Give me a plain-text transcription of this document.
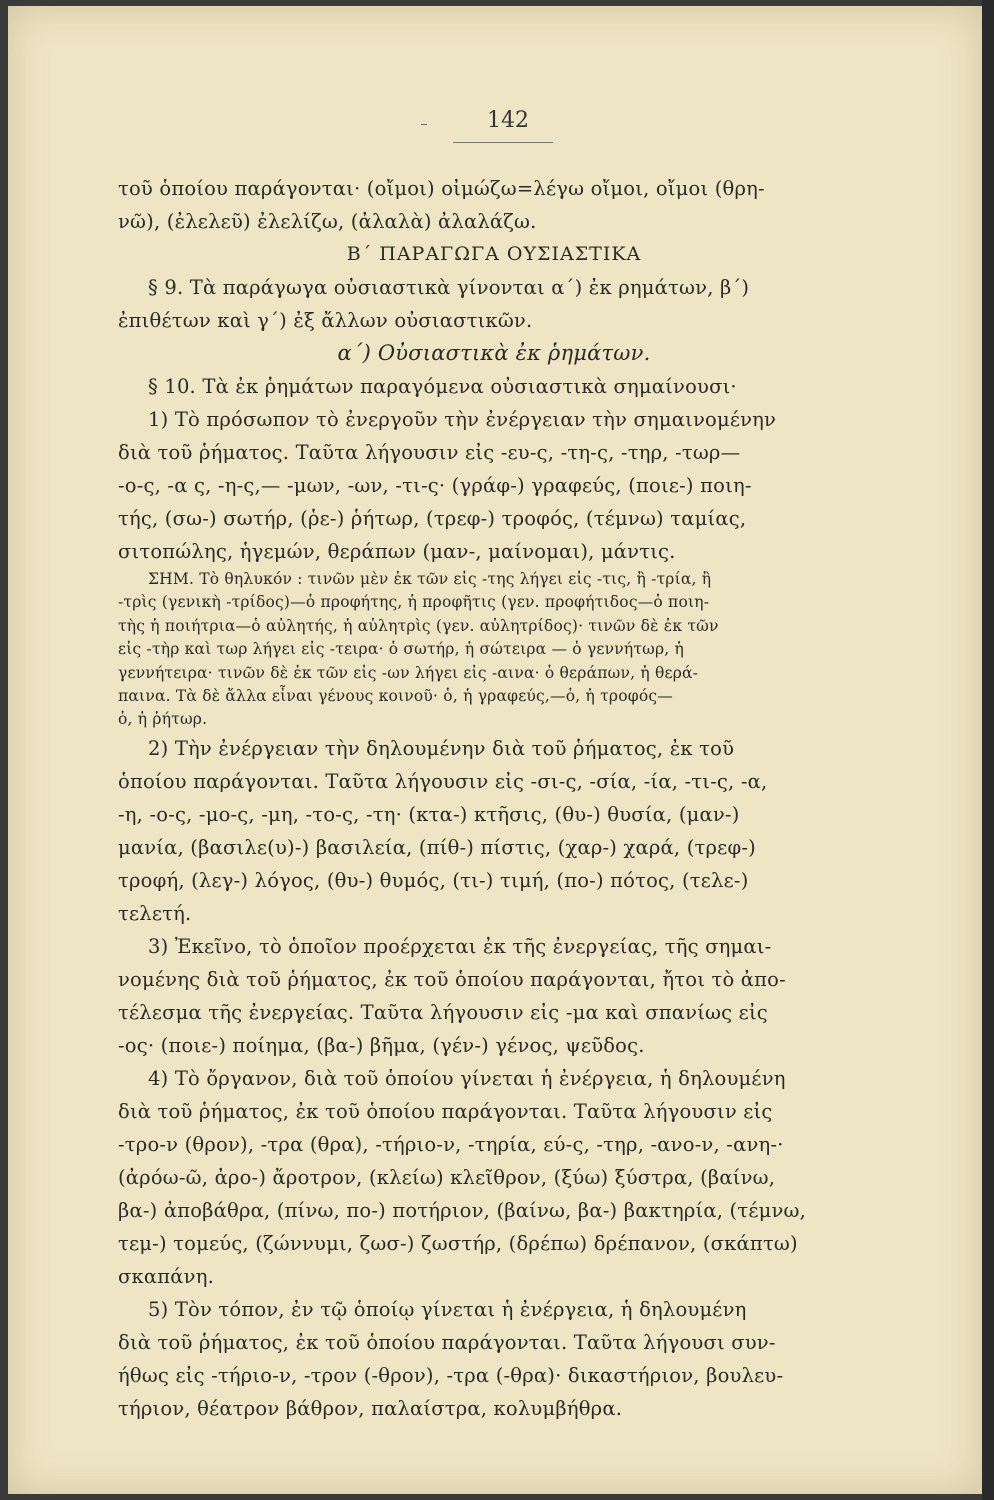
142
τοῦ ὁποίου παράγονται· (οἴμοι) οἰμώζω=λέγω οἴμοι, οἴμοι (θρη-
νῶ), (ἐλελεῦ) ἐλελίζω, (ἀλαλὰ) ἀλαλάζω.
Β΄ ΠΑΡΑΓΩΓΑ ΟΥΣΙΑΣΤΙΚΑ
§ 9. Τὰ παράγωγα οὐσιαστικὰ γίνονται α΄) ἐκ ρημάτων, β΄)
ἐπιθέτων καὶ γ΄) ἐξ ἄλλων οὐσιαστικῶν.
α΄) Οὐσιαστικὰ ἐκ ῥημάτων.
§ 10. Τὰ ἐκ ῥημάτων παραγόμενα οὐσιαστικὰ σημαίνουσι·
1) Τὸ πρόσωπον τὸ ἐνεργοῦν τὴν ἐνέργειαν τὴν σημαινομένην
διὰ τοῦ ῥήματος. Ταῦτα λήγουσιν εἰς -ευ-ς, -τη-ς, -τηρ, -τωρ—
-ο-ς, -α ς, -η-ς,— -μων, -ων, -τι-ς· (γράφ-) γραφεύς, (ποιε-) ποιη-
τής, (σω-) σωτήρ, (ῥε-) ῥήτωρ, (τρεφ-) τροφός, (τέμνω) ταμίας,
σιτοπώλης, ἡγεμών, θεράπων (μαν-, μαίνομαι), μάντις.
ΣΗΜ. Τὸ θηλυκόν : τινῶν μὲν ἐκ τῶν εἰς -της λήγει εἰς -τις, ἢ -τρία, ἢ
-τρὶς (γενικὴ -τρίδος)—ὁ προφήτης, ἡ προφῆτις (γεν. προφήτιδος—ὁ ποιη-
τὴς ἡ ποιήτρια—ὁ αὐλητής, ἡ αὐλητρὶς (γεν. αὐλητρίδος)· τινῶν δὲ ἐκ τῶν
εἰς -τὴρ καὶ τωρ λήγει εἰς -τειρα· ὁ σωτήρ, ἡ σώτειρα — ὁ γεννήτωρ, ἡ
γεννήτειρα· τινῶν δὲ ἐκ τῶν εἰς -ων λήγει εἰς -αινα· ὁ θεράπων, ἡ θερά-
παινα. Τὰ δὲ ἄλλα εἶναι γένους κοινοῦ· ὁ, ἡ γραφεύς,—ὁ, ἡ τροφός—
ὁ, ἡ ῥήτωρ.
2) Τὴν ἐνέργειαν τὴν δηλουμένην διὰ τοῦ ῥήματος, ἐκ τοῦ
ὁποίου παράγονται. Ταῦτα λήγουσιν εἰς -σι-ς, -σία, -ία, -τι-ς, -α,
-η, -ο-ς, -μο-ς, -μη, -το-ς, -τη· (κτα-) κτῆσις, (θυ-) θυσία, (μαν-)
μανία, (βασιλε(υ)-) βασιλεία, (πίθ-) πίστις, (χαρ-) χαρά, (τρεφ-)
τροφή, (λεγ-) λόγος, (θυ-) θυμός, (τι-) τιμή, (πο-) πότος, (τελε-)
τελετή.
3) Ἐκεῖνο, τὸ ὁποῖον προέρχεται ἐκ τῆς ἐνεργείας, τῆς σημαι-
νομένης διὰ τοῦ ῥήματος, ἐκ τοῦ ὁποίου παράγονται, ἤτοι τὸ ἀπο-
τέλεσμα τῆς ἐνεργείας. Ταῦτα λήγουσιν εἰς -μα καὶ σπανίως εἰς
-ος· (ποιε-) ποίημα, (βα-) βῆμα, (γέν-) γένος, ψεῦδος.
4) Τὸ ὄργανον, διὰ τοῦ ὁποίου γίνεται ἡ ἐνέργεια, ἡ δηλουμένη
διὰ τοῦ ῥήματος, ἐκ τοῦ ὁποίου παράγονται. Ταῦτα λήγουσιν εἰς
-τρο-ν (θρον), -τρα (θρα), -τήριο-ν, -τηρία, εύ-ς, -τηρ, -ανο-ν, -ανη-·
(ἀρόω-ῶ, ἀρο-) ἄροτρον, (κλείω) κλεῖθρον, (ξύω) ξύστρα, (βαίνω,
βα-) ἀποβάθρα, (πίνω, πο-) ποτήριον, (βαίνω, βα-) βακτηρία, (τέμνω,
τεμ-) τομεύς, (ζώννυμι, ζωσ-) ζωστήρ, (δρέπω) δρέπανον, (σκάπτω)
σκαπάνη.
5) Τὸν τόπον, ἐν τῷ ὁποίῳ γίνεται ἡ ἐνέργεια, ἡ δηλουμένη
διὰ τοῦ ῥήματος, ἐκ τοῦ ὁποίου παράγονται. Ταῦτα λήγουσι συν-
ήθως εἰς -τήριο-ν, -τρον (-θρον), -τρα (-θρα)· δικαστήριον, βουλευ-
τήριον, θέατρον βάθρον, παλαίστρα, κολυμβήθρα.
